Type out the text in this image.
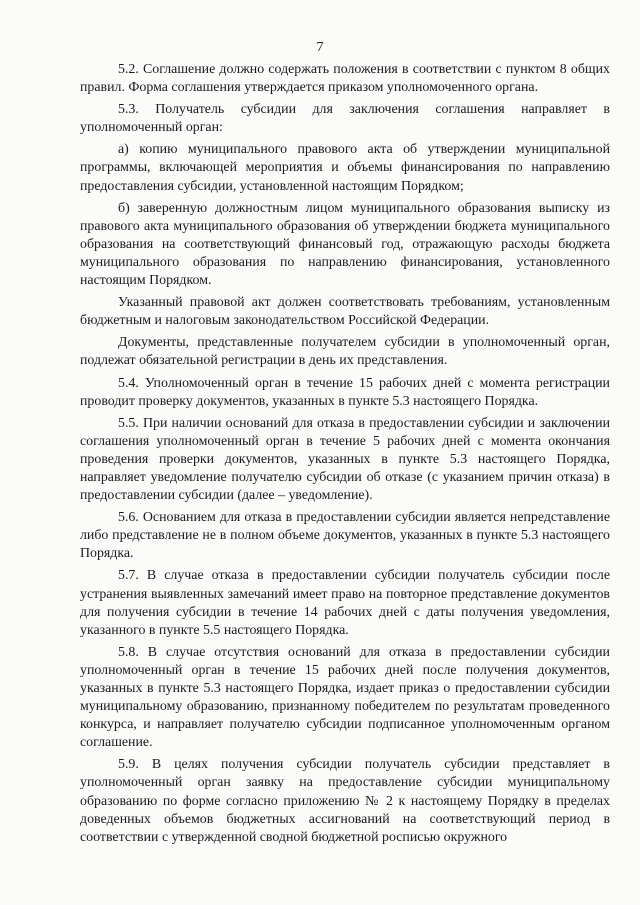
7

5.2. Соглашение должно содержать положения в соответствии с пунктом 8 общих правил. Форма соглашения утверждается приказом уполномоченного органа.

5.3. Получатель субсидии для заключения соглашения направляет в уполномоченный орган:

а) копию муниципального правового акта об утверждении муниципальной программы, включающей мероприятия и объемы финансирования по направлению предоставления субсидии, установленной настоящим Порядком;

б) заверенную должностным лицом муниципального образования выписку из правового акта муниципального образования об утверждении бюджета муниципального образования на соответствующий финансовый год, отражающую расходы бюджета муниципального образования по направлению финансирования, установленного настоящим Порядком.

Указанный правовой акт должен соответствовать требованиям, установленным бюджетным и налоговым законодательством Российской Федерации.

Документы, представленные получателем субсидии в уполномоченный орган, подлежат обязательной регистрации в день их представления.

5.4. Уполномоченный орган в течение 15 рабочих дней с момента регистрации проводит проверку документов, указанных в пункте 5.3 настоящего Порядка.

5.5. При наличии оснований для отказа в предоставлении субсидии и заключении соглашения уполномоченный орган в течение 5 рабочих дней с момента окончания проведения проверки документов, указанных в пункте 5.3 настоящего Порядка, направляет уведомление получателю субсидии об отказе (с указанием причин отказа) в предоставлении субсидии (далее – уведомление).

5.6. Основанием для отказа в предоставлении субсидии является непредставление либо представление не в полном объеме документов, указанных в пункте 5.3 настоящего Порядка.

5.7. В случае отказа в предоставлении субсидии получатель субсидии после устранения выявленных замечаний имеет право на повторное представление документов для получения субсидии в течение 14 рабочих дней с даты получения уведомления, указанного в пункте 5.5 настоящего Порядка.

5.8. В случае отсутствия оснований для отказа в предоставлении субсидии уполномоченный орган в течение 15 рабочих дней после получения документов, указанных в пункте 5.3 настоящего Порядка, издает приказ о предоставлении субсидии муниципальному образованию, признанному победителем по результатам проведенного конкурса, и направляет получателю субсидии подписанное уполномоченным органом соглашение.

5.9. В целях получения субсидии получатель субсидии представляет в уполномоченный орган заявку на предоставление субсидии муниципальному образованию по форме согласно приложению № 2 к настоящему Порядку в пределах доведенных объемов бюджетных ассигнований на соответствующий период в соответствии с утвержденной сводной бюджетной росписью окружного
